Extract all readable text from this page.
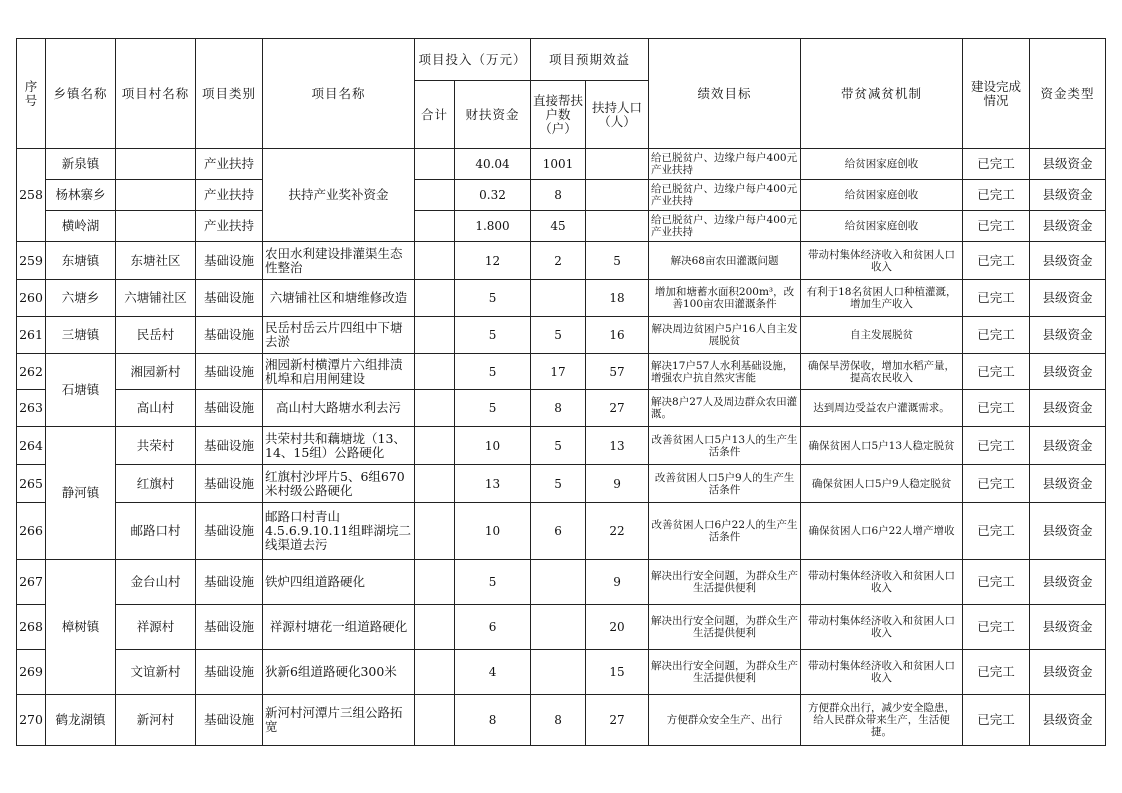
序号	乡镇名称	项目村名称	项目类别	项目名称	项目投入（万元）		项目预期效益		绩效目标	带贫减贫机制	建设完成情况	资金类型
					合计	财扶资金	直接帮扶户数（户）	扶持人口（人）				
258	新泉镇		产业扶持	扶持产业奖补资金		40.04	1001		给已脱贫户、边缘户每户400元产业扶持	给贫困家庭创收	已完工	县级资金
	杨林寨乡		产业扶持			0.32	8		给已脱贫户、边缘户每户400元产业扶持	给贫困家庭创收	已完工	县级资金
	横岭湖		产业扶持			1.800	45		给已脱贫户、边缘户每户400元产业扶持	给贫困家庭创收	已完工	县级资金
259	东塘镇	东塘社区	基础设施	农田水利建设排灌渠生态性整治		12	2	5	解决68亩农田灌溉问题	带动村集体经济收入和贫困人口收入	已完工	县级资金
260	六塘乡	六塘铺社区	基础设施	六塘铺社区和塘维修改造		5		18	增加和塘蓄水面积200m³，改善100亩农田灌溉条件	有利于18名贫困人口种植灌溉，增加生产收入	已完工	县级资金
261	三塘镇	民岳村	基础设施	民岳村岳云片四组中下塘去淤		5	5	16	解决周边贫困户5户16人自主发展脱贫	自主发展脱贫	已完工	县级资金
262	石塘镇	湘园新村	基础设施	湘园新村横潭片六组排渍机埠和启用闸建设		5	17	57	解决17户57人水利基础设施，增强农户抗自然灾害能	确保旱涝保收，增加水稻产量，提高农民收入	已完工	县级资金
263		高山村	基础设施	高山村大路塘水利去污		5	8	27	解决8户27人及周边群众农田灌溉。	达到周边受益农户灌溉需求。	已完工	县级资金
264	静河镇	共荣村	基础设施	共荣村共和藕塘垅（13、14、15组）公路硬化		10	5	13	改善贫困人口5户13人的生产生活条件	确保贫困人口5户13人稳定脱贫	已完工	县级资金
265		红旗村	基础设施	红旗村沙坪片5、6组670米村级公路硬化		13	5	9	改善贫困人口5户9人的生产生活条件	确保贫困人口5户9人稳定脱贫	已完工	县级资金
266		邮路口村	基础设施	邮路口村青山4.5.6.9.10.11组畔湖垸二线渠道去污		10	6	22	改善贫困人口6户22人的生产生活条件	确保贫困人口6户22人增产增收	已完工	县级资金
267	樟树镇	金台山村	基础设施	铁炉四组道路硬化		5		9	解决出行安全问题，为群众生产生活提供便利	带动村集体经济收入和贫困人口收入	已完工	县级资金
268		祥源村	基础设施	祥源村塘花一组道路硬化		6		20	解决出行安全问题，为群众生产生活提供便利	带动村集体经济收入和贫困人口收入	已完工	县级资金
269		文谊新村	基础设施	狄新6组道路硬化300米		4		15	解决出行安全问题，为群众生产生活提供便利	带动村集体经济收入和贫困人口收入	已完工	县级资金
270	鹤龙湖镇	新河村	基础设施	新河村河潭片三组公路拓宽		8	8	27	方便群众安全生产、出行	方便群众出行，减少安全隐患，给人民群众带来生产，生活便捷。	已完工	县级资金
